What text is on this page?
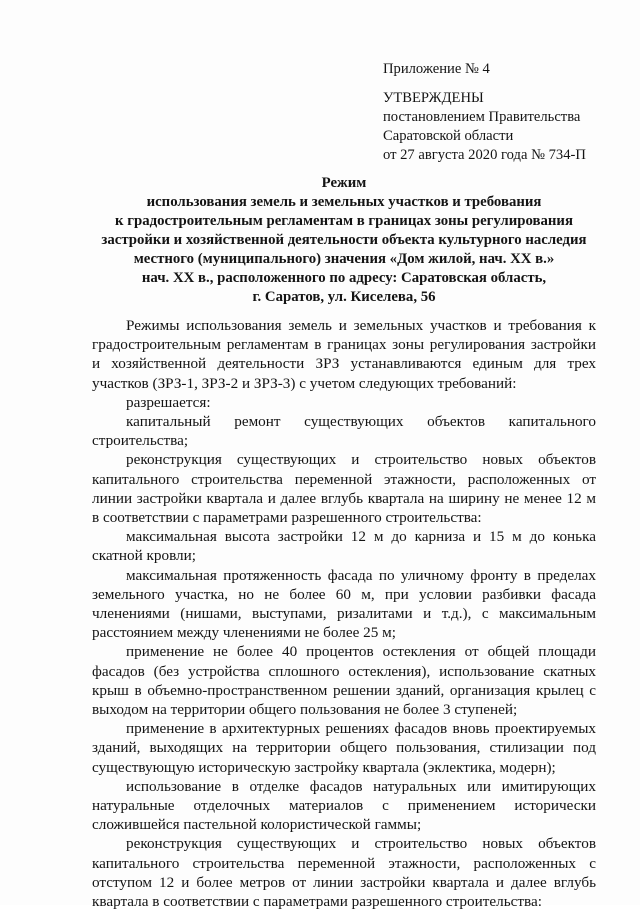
Приложение № 4
УТВЕРЖДЕНЫ
постановлением Правительства
Саратовской области
от 27 августа 2020 года № 734-П
Режим
использования земель и земельных участков и требования
к градостроительным регламентам в границах зоны регулирования
застройки и хозяйственной деятельности объекта культурного наследия
местного (муниципального) значения «Дом жилой, нач. XX в.»
нач. XX в., расположенного по адресу: Саратовская область,
г. Саратов, ул. Киселева, 56

Режимы использования земель и земельных участков и требования к градостроительным регламентам в границах зоны регулирования застройки и хозяйственной деятельности ЗРЗ устанавливаются единым для трех участков (ЗРЗ-1, ЗРЗ-2 и ЗРЗ-3) с учетом следующих требований:

разрешается:

капитальный ремонт существующих объектов капитального строительства;

реконструкция существующих и строительство новых объектов капитального строительства переменной этажности, расположенных от линии застройки квартала и далее вглубь квартала на ширину не менее 12 м в соответствии с параметрами разрешенного строительства:

максимальная высота застройки 12 м до карниза и 15 м до конька скатной кровли;

максимальная протяженность фасада по уличному фронту в пределах земельного участка, но не более 60 м, при условии разбивки фасада членениями (нишами, выступами, ризалитами и т.д.), с максимальным расстоянием между членениями не более 25 м;

применение не более 40 процентов остекления от общей площади фасадов (без устройства сплошного остекления), использование скатных крыш в объемно-пространственном решении зданий, организация крылец с выходом на территории общего пользования не более 3 ступеней;

применение в архитектурных решениях фасадов вновь проектируемых зданий, выходящих на территории общего пользования, стилизации под существующую историческую застройку квартала (эклектика, модерн);

использование в отделке фасадов натуральных или имитирующих натуральные отделочных материалов с применением исторически сложившейся пастельной колористической гаммы;

реконструкция существующих и строительство новых объектов капитального строительства переменной этажности, расположенных с отступом 12 и более метров от линии застройки квартала и далее вглубь квартала в соответствии с параметрами разрешенного строительства:
